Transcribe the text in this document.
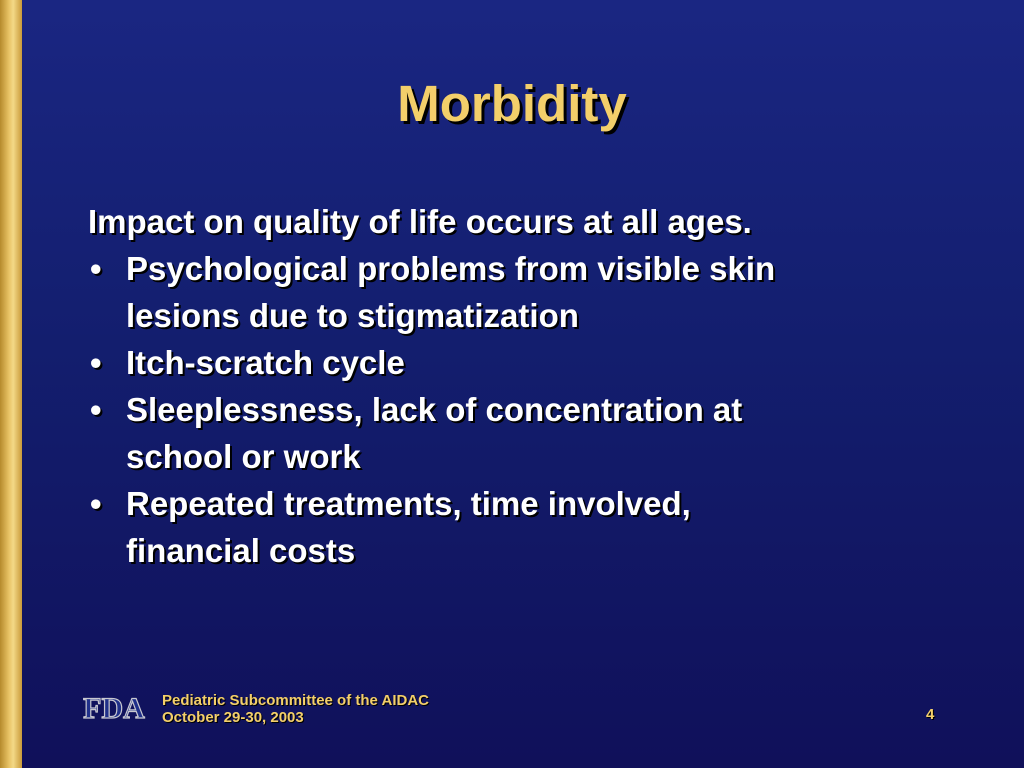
Morbidity

Impact on quality of life occurs at all ages.

• Psychological problems from visible skin
lesions due to stigmatization
• Itch-scratch cycle
• Sleeplessness, lack of concentration at
school or work
• Repeated treatments, time involved,
financial costs
FDA Pediatric Subcommittee of the AIDAC
October 29-30, 2003	4
